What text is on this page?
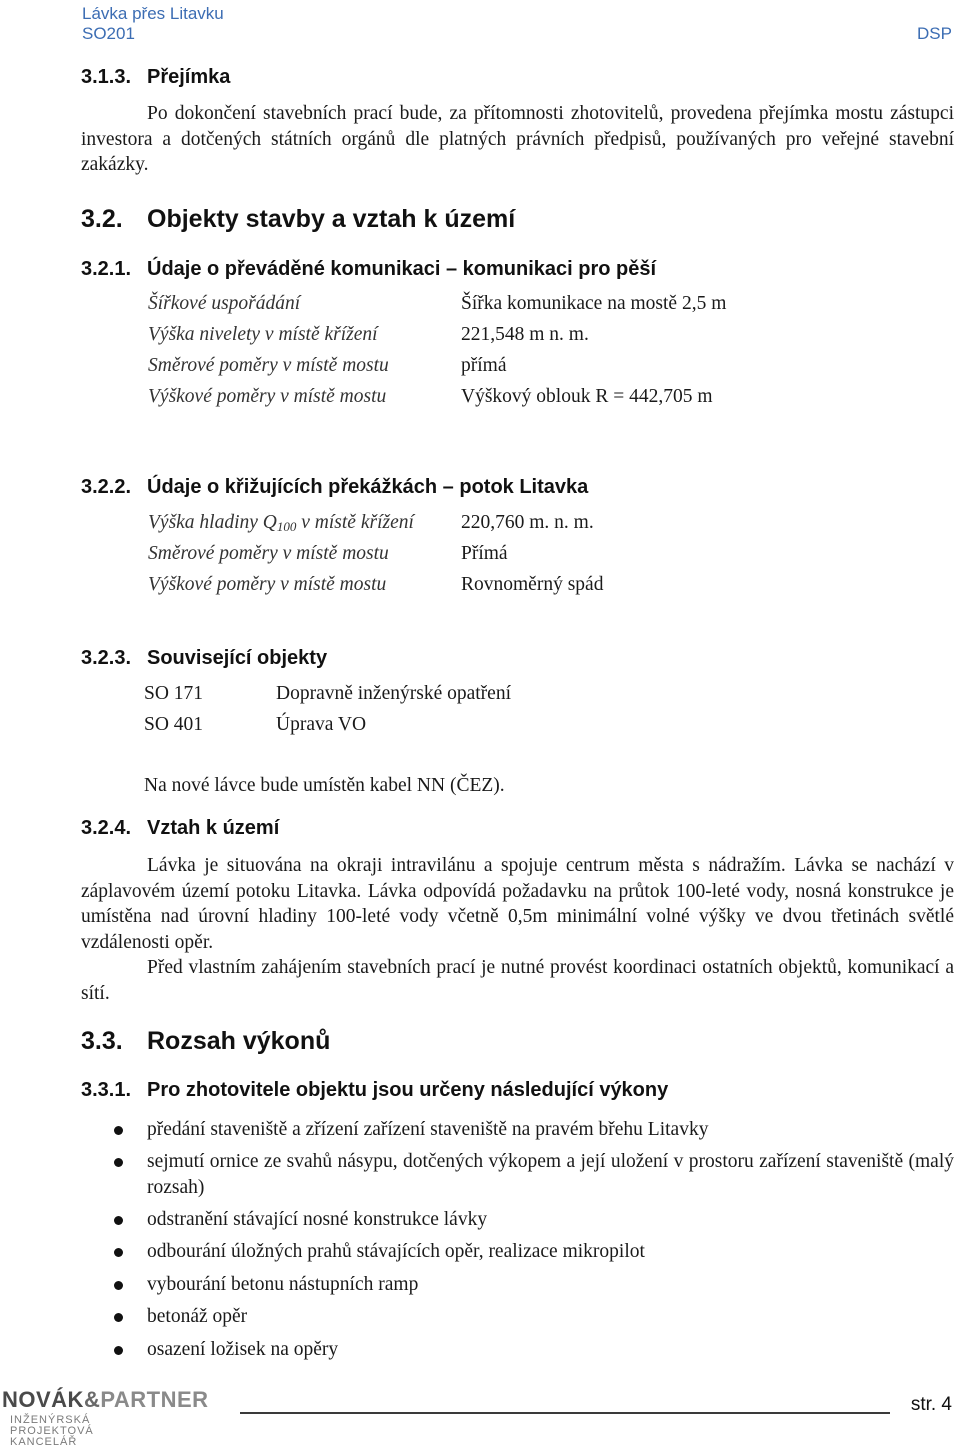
Lávka přes Litavku
SO201	DSP
3.1.3. Přejímka
Po dokončení stavebních prací bude, za přítomnosti zhotovitelů, provedena přejímka mostu zástupci investora a dotčených státních orgánů dle platných právních předpisů, používaných pro veřejné stavební zakázky.
3.2. Objekty stavby a vztah k území
3.2.1. Údaje o převáděné komunikaci – komunikaci pro pěší
Šířkové uspořádání	Šířka komunikace na mostě 2,5 m
Výška nivelety v místě křížení	221,548 m n. m.
Směrové poměry v místě mostu	přímá
Výškové poměry v místě mostu	Výškový oblouk R = 442,705 m
3.2.2. Údaje o křižujících překážkách – potok Litavka
Výška hladiny $Q_{100}$ v místě křížení 220,760 m. n. m.
Směrové poměry v místě mostu	Přímá
Výškové poměry v místě mostu	Rovnoměrný spád
3.2.3. Související objekty
SO 171	Dopravně inženýrské opatření
SO 401	Úprava VO
Na nové lávce bude umístěn kabel NN (ČEZ).
3.2.4. Vztah k území
Lávka je situována na okraji intravilánu a spojuje centrum města s nádražím. Lávka se nachází v záplavovém území potoku Litavka. Lávka odpovídá požadavku na průtok 100-leté vody, nosná konstrukce je umístěna nad úrovní hladiny 100-leté vody včetně 0,5m minimální volné výšky ve dvou třetinách světlé vzdálenosti opěr.
Před vlastním zahájením stavebních prací je nutné provést koordinaci ostatních objektů, komunikací a sítí.
3.3. Rozsah výkonů
3.3.1. Pro zhotovitele objektu jsou určeny následující výkony
předání staveniště a zřízení zařízení staveniště na pravém břehu Litavky
sejmutí ornice ze svahů násypu, dotčených výkopem a její uložení v prostoru zařízení staveniště (malý rozsah)
odstranění stávající nosné konstrukce lávky
odbourání úložných prahů stávajících opěr, realizace mikropilot
vybourání betonu nástupních ramp
betonáž opěr
osazení ložisek na opěry
NOVÁK&PARTNER
INŽENÝRSKÁ
PROJEKTOVÁ
KANCELÁŘ
str. 4
